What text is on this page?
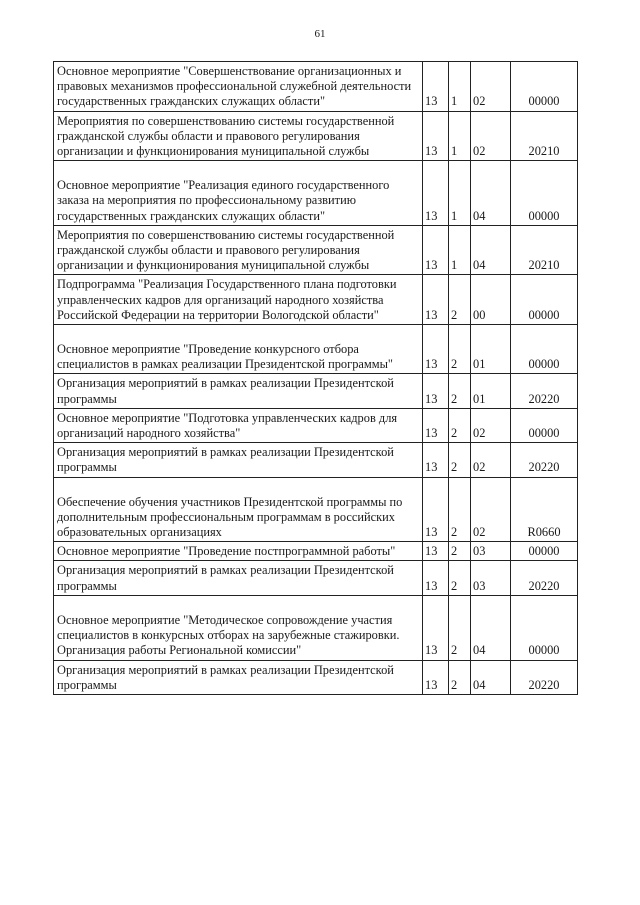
61
Основное мероприятие "Совершенствование организационных и правовых механизмов профессиональной служебной деятельности государственных гражданских служащих области"	13	1	02	00000
Мероприятия по совершенствованию системы государственной гражданской службы области и правового регулирования организации и функционирования муниципальной службы	13	1	02	20210
Основное мероприятие "Реализация единого государственного заказа на мероприятия по профессиональному развитию государственных гражданских служащих области"	13	1	04	00000
Мероприятия по совершенствованию системы государственной гражданской службы области и правового регулирования организации и функционирования муниципальной службы	13	1	04	20210
Подпрограмма "Реализация Государственного плана подготовки управленческих кадров для организаций народного хозяйства Российской Федерации на территории Вологодской области"	13	2	00	00000
Основное мероприятие "Проведение конкурсного отбора специалистов в рамках реализации Президентской программы"	13	2	01	00000
Организация мероприятий в рамках реализации Президентской программы	13	2	01	20220
Основное мероприятие "Подготовка управленческих кадров для организаций народного хозяйства"	13	2	02	00000
Организация мероприятий в рамках реализации Президентской программы	13	2	02	20220
Обеспечение обучения участников Президентской программы по дополнительным профессиональным программам в российских образовательных организациях	13	2	02	R0660
Основное мероприятие "Проведение постпрограммной работы"	13	2	03	00000
Организация мероприятий в рамках реализации Президентской программы	13	2	03	20220
Основное мероприятие "Методическое сопровождение участия специалистов в конкурсных отборах на зарубежные стажировки. Организация работы Региональной комиссии"	13	2	04	00000
Организация мероприятий в рамках реализации Президентской программы	13	2	04	20220
